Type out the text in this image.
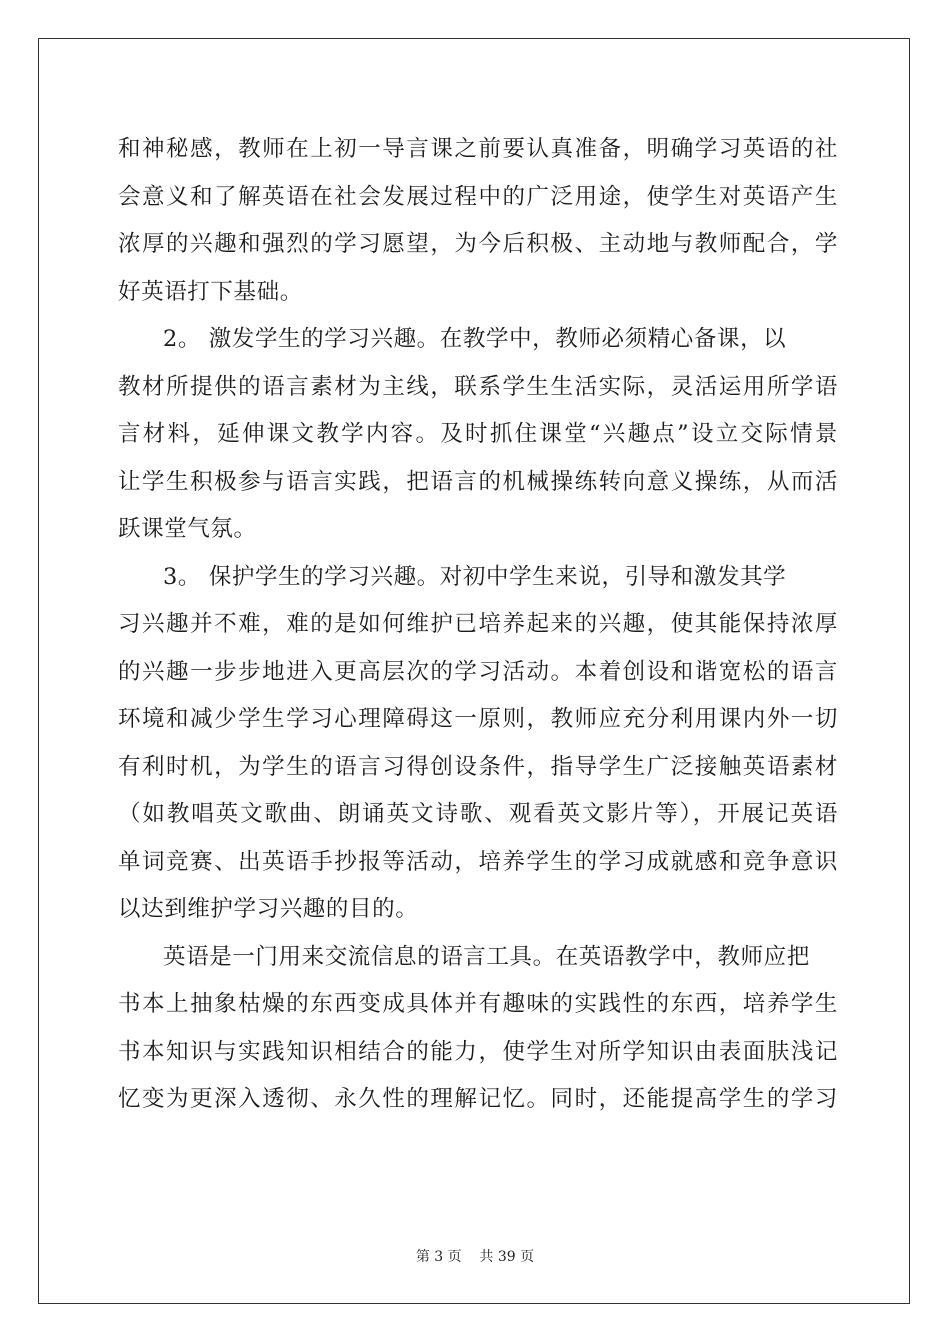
和神秘感，教师在上初一导言课之前要认真准备，明确学习英语的社
会意义和了解英语在社会发展过程中的广泛用途，使学生对英语产生
浓厚的兴趣和强烈的学习愿望，为今后积极、主动地与教师配合，学
好英语打下基础。
2。 激发学生的学习兴趣。在教学中，教师必须精心备课，以
教材所提供的语言素材为主线，联系学生生活实际，灵活运用所学语
言材料，延伸课文教学内容。及时抓住课堂“兴趣点”设立交际情景
让学生积极参与语言实践，把语言的机械操练转向意义操练，从而活
跃课堂气氛。
3。 保护学生的学习兴趣。对初中学生来说，引导和激发其学
习兴趣并不难，难的是如何维护已培养起来的兴趣，使其能保持浓厚
的兴趣一步步地进入更高层次的学习活动。本着创设和谐宽松的语言
环境和减少学生学习心理障碍这一原则，教师应充分利用课内外一切
有利时机，为学生的语言习得创设条件，指导学生广泛接触英语素材
（如教唱英文歌曲、朗诵英文诗歌、观看英文影片等），开展记英语
单词竞赛、出英语手抄报等活动，培养学生的学习成就感和竞争意识
以达到维护学习兴趣的目的。
英语是一门用来交流信息的语言工具。在英语教学中，教师应把
书本上抽象枯燥的东西变成具体并有趣味的实践性的东西，培养学生
书本知识与实践知识相结合的能力，使学生对所学知识由表面肤浅记
忆变为更深入透彻、永久性的理解记忆。同时，还能提高学生的学习
第 3 页    共 39 页
